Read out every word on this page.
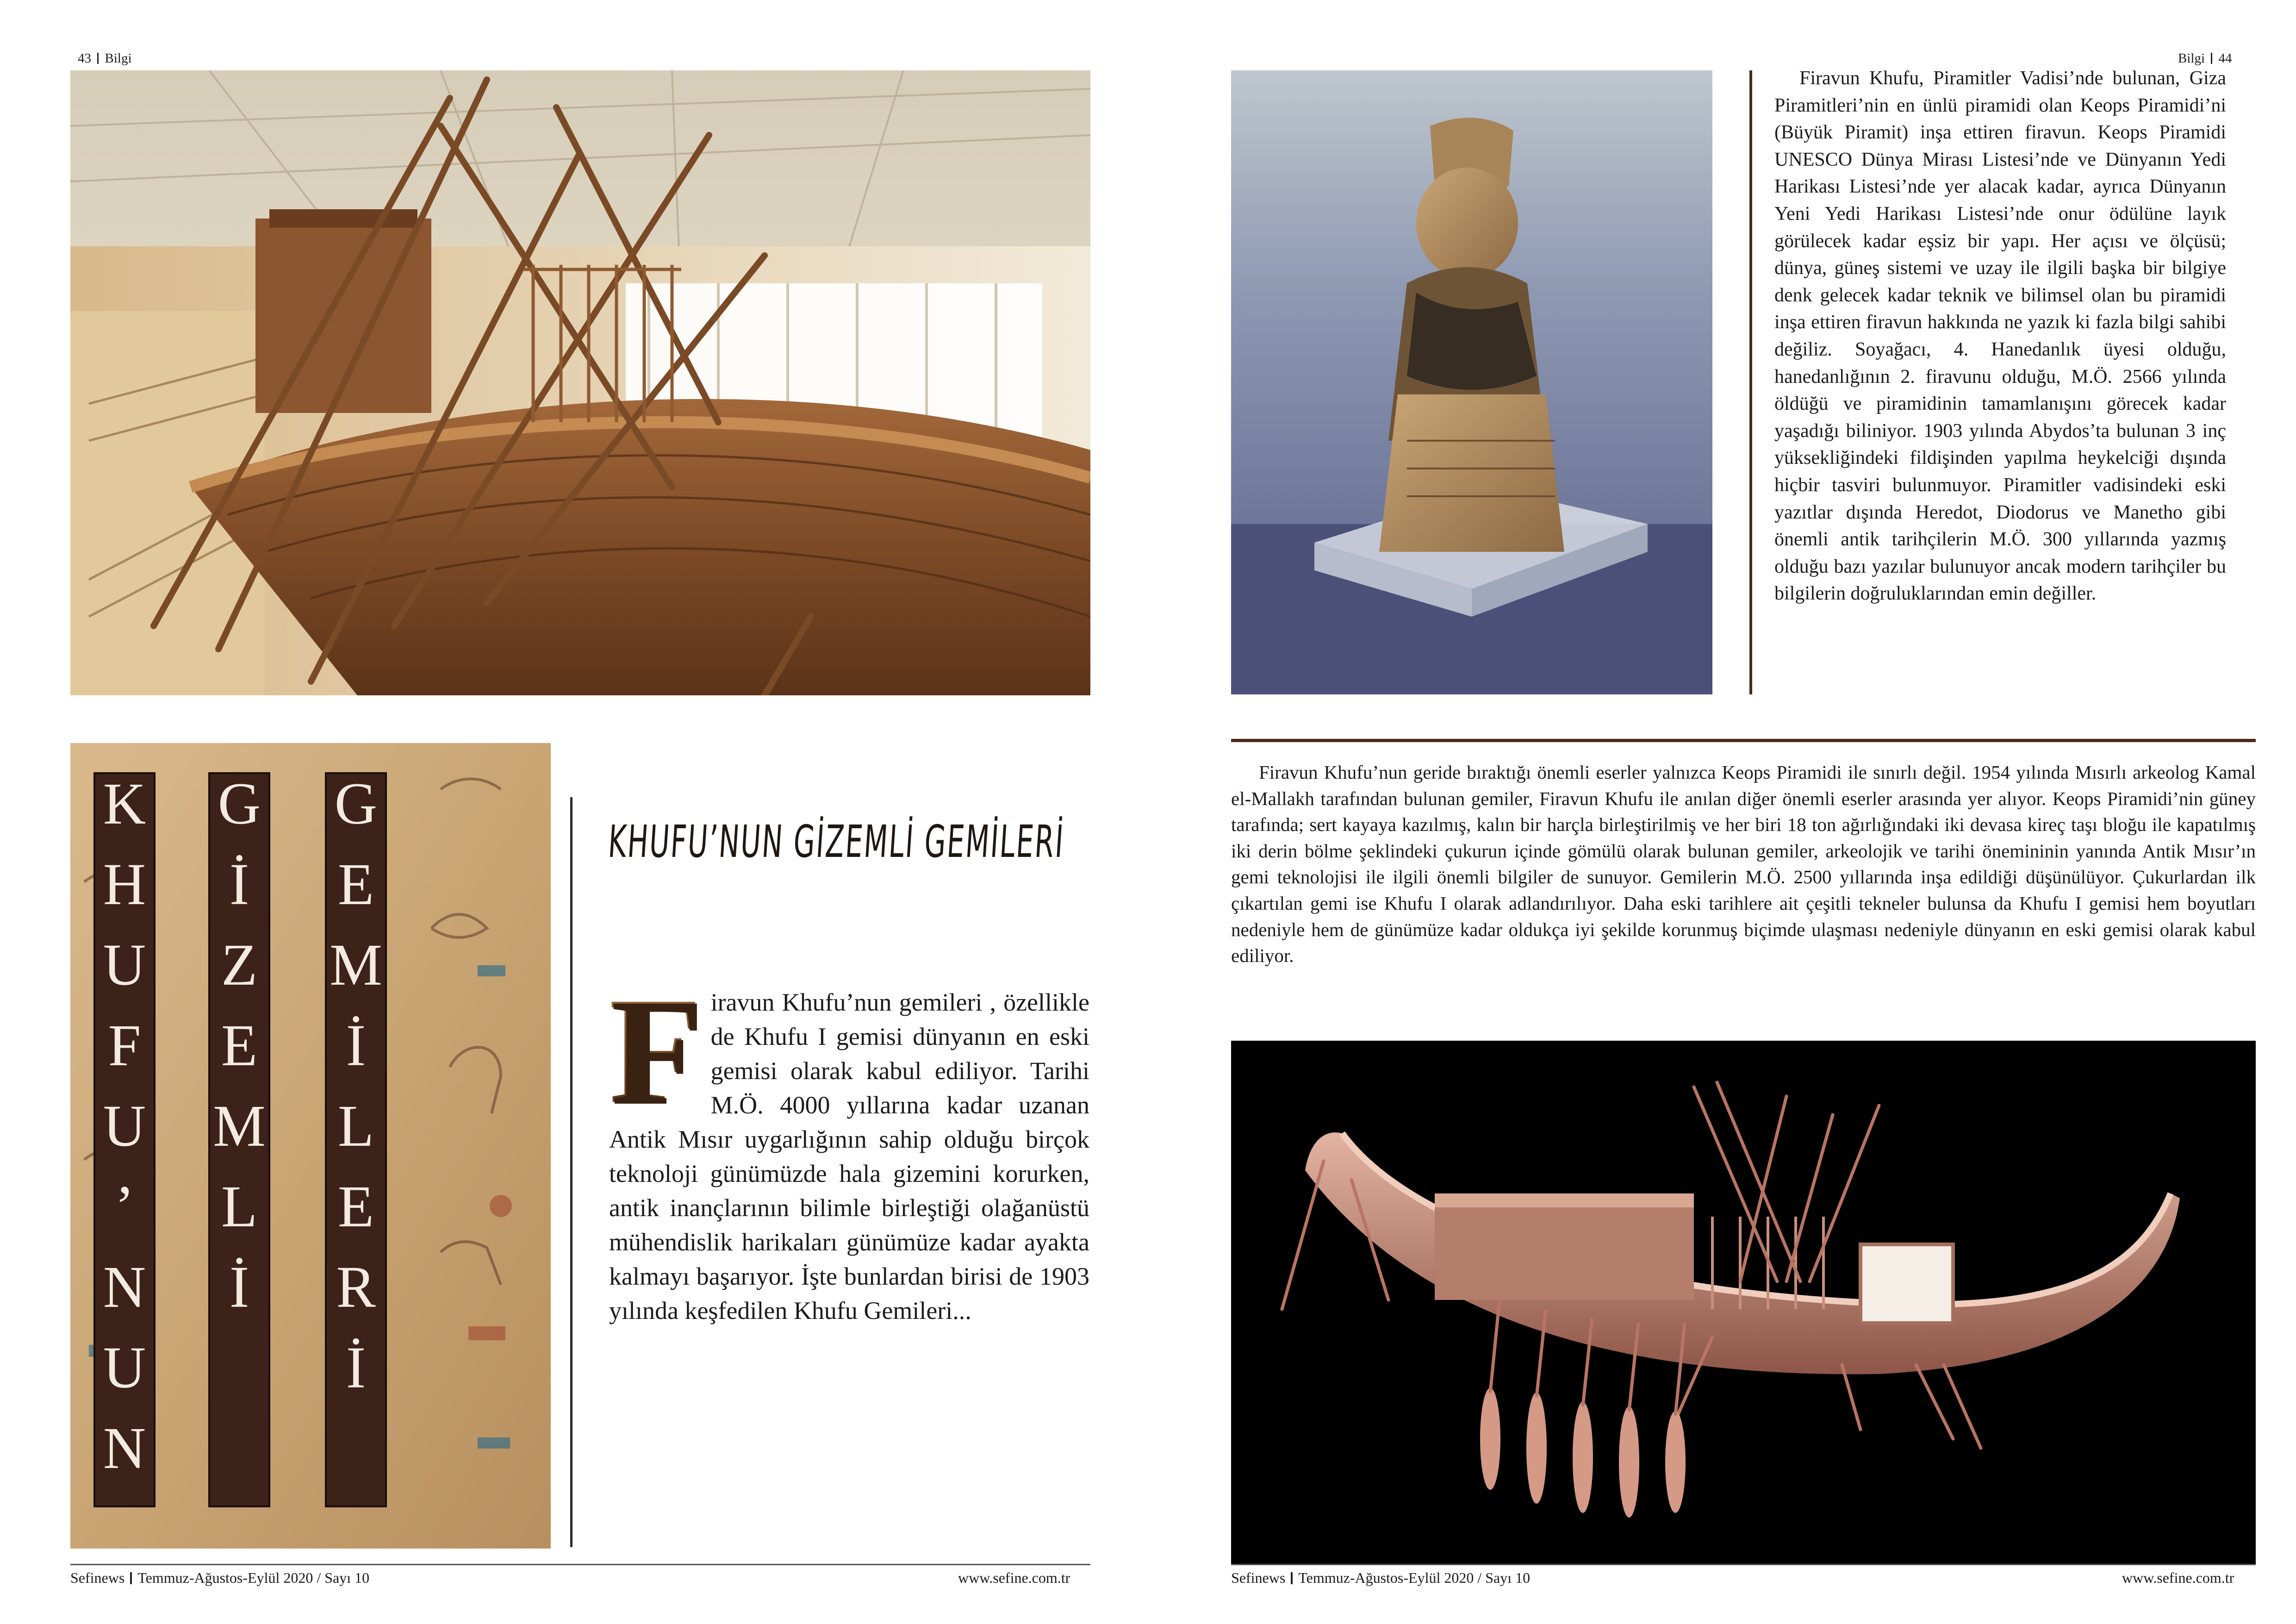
43 Bilgi
K
H
U
F
U
’
N
U
N
G
İ
Z
E
M
L
İ
G
E
M
İ
L
E
R
İ
KHUFU’NUN GİZEMLİ GEMİLERİ
F iravun Khufu’nun gemileri , özellikle de Khufu I gemisi dünyanın en eski gemisi olarak kabul ediliyor. Tarihi M.Ö. 4000 yıllarına kadar uzanan Antik Mısır uygarlığının sahip olduğu birçok teknoloji günümüzde hala gizemini korurken, antik inançlarının bilimle birleştiği olağanüstü mühendislik harikaları günümüze kadar ayakta kalmayı başarıyor. İşte bunlardan birisi de 1903 yılında keşfedilen Khufu Gemileri...
Sefinews Temmuz-Ağustos-Eylül 2020 / Sayı 10	www.sefine.com.tr
Bilgi 44

Firavun Khufu, Piramitler Vadisi’nde bulunan, Giza Piramitleri’nin en ünlü piramidi olan Keops Piramidi’ni (Büyük Piramit) inşa ettiren firavun. Keops Piramidi UNESCO Dünya Mirası Listesi’nde ve Dünyanın Yedi Harikası Listesi’nde yer alacak kadar, ayrıca Dünyanın Yeni Yedi Harikası Listesi’nde onur ödülüne layık görülecek kadar eşsiz bir yapı. Her açısı ve ölçüsü; dünya, güneş sistemi ve uzay ile ilgili başka bir bilgiye denk gelecek kadar teknik ve bilimsel olan bu piramidi inşa ettiren firavun hakkında ne yazık ki fazla bilgi sahibi değiliz. Soyağacı, 4. Hanedanlık üyesi olduğu, hanedanlığının 2. firavunu olduğu, M.Ö. 2566 yılında öldüğü ve piramidinin tamamlanışını görecek kadar yaşadığı biliniyor. 1903 yılında Abydos’ta bulunan 3 inç yüksekliğindeki fildişinden yapılma heykelciği dışında hiçbir tasviri bulunmuyor. Piramitler vadisindeki eski yazıtlar dışında Heredot, Diodorus ve Manetho gibi önemli antik tarihçilerin M.Ö. 300 yıllarında yazmış olduğu bazı yazılar bulunuyor ancak modern tarihçiler bu bilgilerin doğruluklarından emin değiller.

Firavun Khufu’nun geride bıraktığı önemli eserler yalnızca Keops Piramidi ile sınırlı değil. 1954 yılında Mısırlı arkeolog Kamal el-Mallakh tarafından bulunan gemiler, Firavun Khufu ile anılan diğer önemli eserler arasında yer alıyor. Keops Piramidi’nin güney tarafında; sert kayaya kazılmış, kalın bir harçla birleştirilmiş ve her biri 18 ton ağırlığındaki iki devasa kireç taşı bloğu ile kapatılmış iki derin bölme şeklindeki çukurun içinde gömülü olarak bulunan gemiler, arkeolojik ve tarihi önemininin yanında Antik Mısır’ın gemi teknolojisi ile ilgili önemli bilgiler de sunuyor. Gemilerin M.Ö. 2500 yıllarında inşa edildiği düşünülüyor. Çukurlardan ilk çıkartılan gemi ise Khufu I olarak adlandırılıyor. Daha eski tarihlere ait çeşitli tekneler bulunsa da Khufu I gemisi hem boyutları nedeniyle hem de günümüze kadar oldukça iyi şekilde korunmuş biçimde ulaşması nedeniyle dünyanın en eski gemisi olarak kabul ediliyor.

Sefinews Temmuz-Ağustos-Eylül 2020 / Sayı 10	www.sefine.com.tr
